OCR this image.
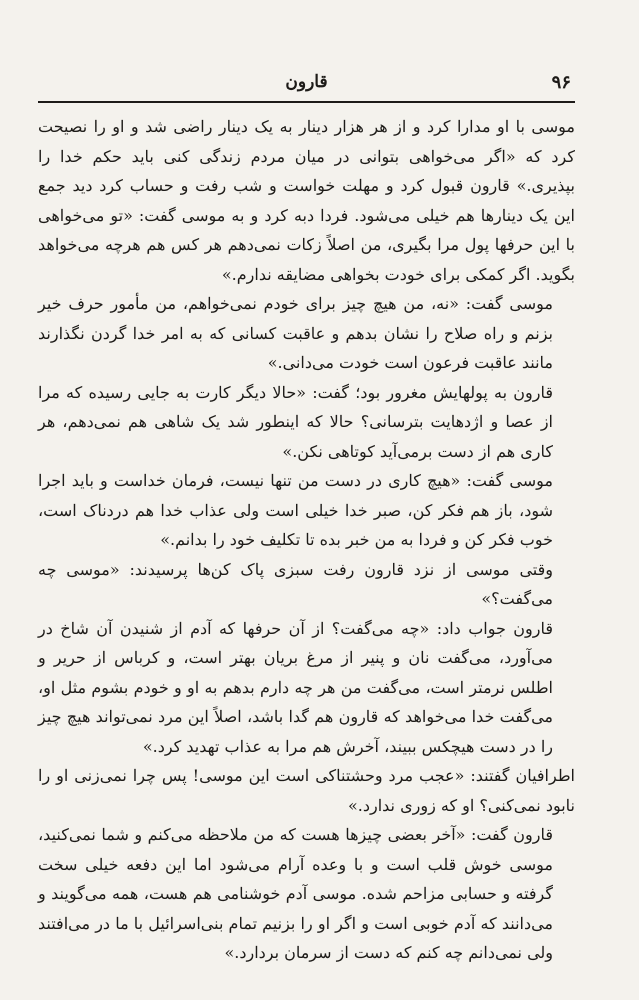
۹۶
قارون

موسی با او مدارا کرد و از هر هزار دینار به یک دینار راضی شد و او را نصیحت کرد که «اگر می‌خواهی بتوانی در میان مردم زندگی کنی باید حکم خدا را بپذیری.» قارون قبول کرد و مهلت خواست و شب رفت و حساب کرد دید جمع این یک دینارها هم خیلی می‌شود. فردا دبه کرد و به موسی گفت: «تو می‌خواهی با این حرفها پول مرا بگیری، من اصلاً زکات نمی‌دهم هر کس هم هرچه می‌خواهد بگوید. اگر کمکی برای خودت بخواهی مضایقه ندارم.»

موسی گفت: «نه، من هیچ چیز برای خودم نمی‌خواهم، من مأمور حرف خیر بزنم و راه صلاح را نشان بدهم و عاقبت کسانی که به امر خدا گردن نگذارند مانند عاقبت فرعون است خودت می‌دانی.»

قارون به پولهایش مغرور بود؛ گفت: «حالا دیگر کارت به جایی رسیده که مرا از عصا و اژدهایت بترسانی؟ حالا که اینطور شد یک شاهی هم نمی‌دهم، هر کاری هم از دست برمی‌آید کوتاهی نکن.»

موسی گفت: «هیچ کاری در دست من تنها نیست، فرمان خداست و باید اجرا شود، باز هم فکر کن، صبر خدا خیلی است ولی عذاب خدا هم دردناک است، خوب فکر کن و فردا به من خبر بده تا تکلیف خود را بدانم.»

وقتی موسی از نزد قارون رفت سبزی پاک کن‌ها پرسیدند: «موسی چه می‌گفت؟»

قارون جواب داد: «چه می‌گفت؟ از آن حرفها که آدم از شنیدن آن شاخ در می‌آورد، می‌گفت نان و پنیر از مرغ بریان بهتر است، و کرباس از حریر و اطلس نرمتر است، می‌گفت من هر چه دارم بدهم به او و خودم بشوم مثل او، می‌گفت خدا می‌خواهد که قارون هم گدا باشد، اصلاً این مرد نمی‌تواند هیچ چیز را در دست هیچکس ببیند، آخرش هم مرا به عذاب تهدید کرد.»

اطرافیان گفتند: «عجب مرد وحشتناکی است این موسی! پس چرا نمی‌زنی او را نابود نمی‌کنی؟ او که زوری ندارد.»

قارون گفت: «آخر بعضی چیزها هست که من ملاحظه می‌کنم و شما نمی‌کنید، موسی خوش قلب است و با وعده آرام می‌شود اما این دفعه خیلی سخت گرفته و حسابی مزاحم شده. موسی آدم خوشنامی هم هست، همه می‌گویند و می‌دانند که آدم خوبی است و اگر او را بزنیم تمام بنی‌اسرائیل با ما در می‌افتند ولی نمی‌دانم چه کنم که دست از سرمان بردارد.»
